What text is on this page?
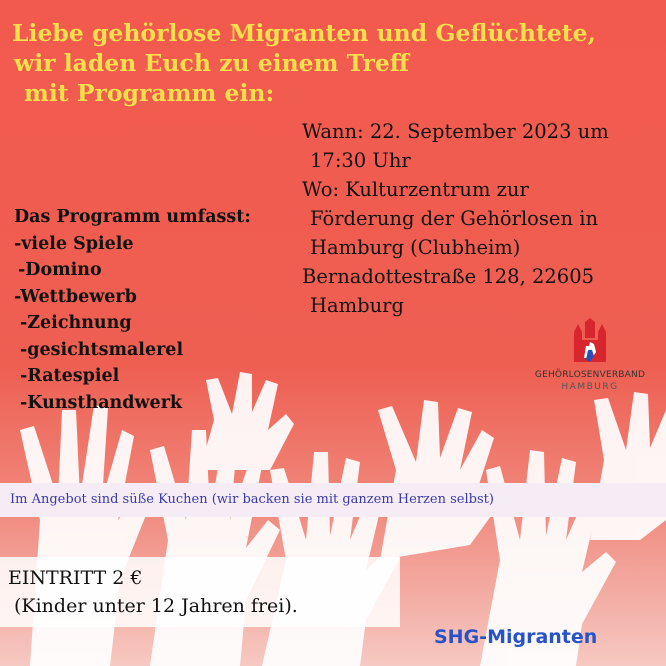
Liebe gehörlose Migranten und Geflüchtete,
wir laden Euch zu einem Treff
mit Programm ein:
Wann: 22. September 2023 um
17:30 Uhr
Wo: Kulturzentrum zur
Förderung der Gehörlosen in
Hamburg (Clubheim)
Bernadottestraße 128, 22605
Hamburg
Das Programm umfasst:
-viele Spiele
-Domino
-Wettbewerb
-Zeichnung
-gesichtsmalerel
-Ratespiel
-Kunsthandwerk
GEHÖRLOSENVERBAND
HAMBURG
Im Angebot sind süße Kuchen (wir backen sie mit ganzem Herzen selbst)
EINTRITT 2 €
(Kinder unter 12 Jahren frei).
SHG-Migranten
